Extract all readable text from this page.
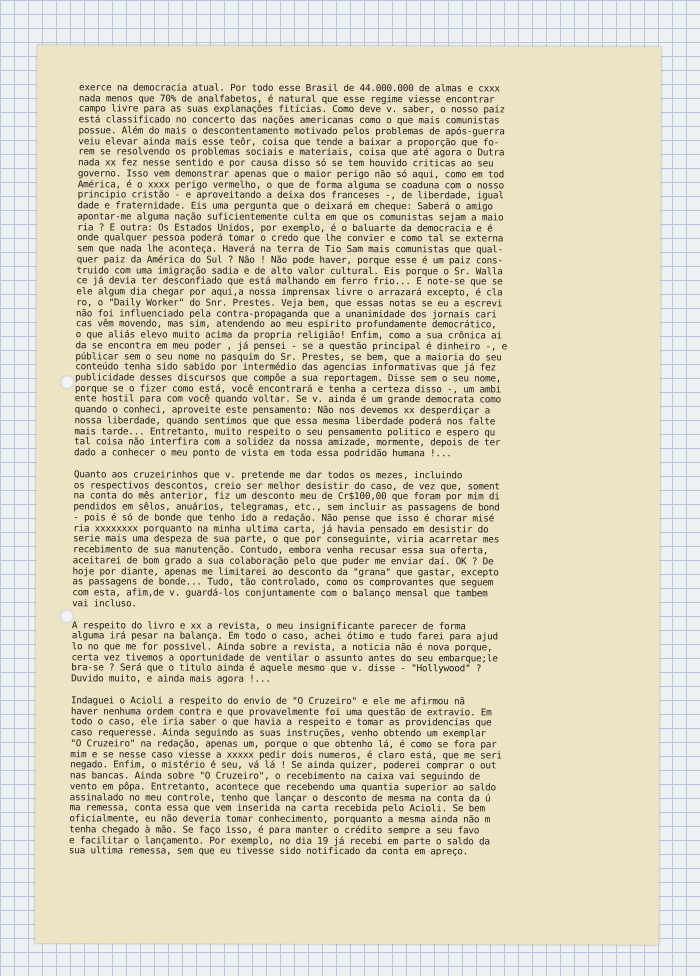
exerce na democracia atual. Por todo esse Brasil de 44.000.000 de almas e cxxx
nada menos que 70% de analfabetos, é natural que esse regime viesse encontrar
campo livre para as suas explanações fitícias. Como deve v. saber, o nosso paiz
está classificado no concerto das nações americanas como o que mais comunistas
possue. Além do mais o descontentamento motivado pelos problemas de após-guerra
veiu elevar ainda mais esse teôr, coisa que tende a baixar a proporção que fo-
rem se resolvendo os problemas sociais e materiais, coisa que até agora o Dutra
nada xx fez nesse sentido e por causa disso só se tem houvido criticas ao seu
governo. Isso vem demonstrar apenas que o maior perigo não só aqui, como em tod
América, é o xxxx perigo vermelho, o que de forma alguma se coaduna com o nosso
principio cristão - e aproveitando a deixa dos franceses -, de liberdade, igual
dade e fraternidade. Eis uma pergunta que o deixará em cheque: Saberá o amigo
apontar-me alguma nação suficientemente culta em que os comunistas sejam a maio
ria ? E outra: Os Estados Unidos, por exemplo, é o baluarte da democracia e é
onde qualquer pessoa poderá tomar o credo que lhe convier e como tal se externa
sem que nada lhe aconteça. Haverá na terra de Tio Sam mais comunistas que qual-
quer paiz da América do Sul ? Não ! Não pode haver, porque esse é um paiz cons-
truido com uma imigração sadia e de alto valor cultural. Eis porque o Sr. Walla
ce já devia ter desconfiado que está malhando em ferro frio... E note-se que se
ele algum dia chegar por aqui,a nossa imprensax livre o arrazará excepto, é cla
ro, o "Daily Worker" do Snr. Prestes. Veja bem, que essas notas se eu a escrevi
não foi influenciado pela contra-propaganda que a unanimidade dos jornais cari
cas vêm movendo, mas sim, atendendo ao meu espirito profundamente democrático,
o que aliás elevo muito acima da propria religião! Enfim, como a sua crônica ai
da se encontra em meu poder , já pensei - se a questão principal é dinheiro -, e
públicar sem o seu nome no pasquim do Sr. Prestes, se bem, que a maioria do seu
conteúdo tenha sido sabido por intermédio das agencias informativas que já fez
publicidade desses discursos que compõe a sua reportagem. Disse sem o seu nome,
porque se o fizer como está, você encontrará e tenha a certeza disso -, um ambi
ente hostil para com você quando voltar. Se v. ainda é um grande democrata como
quando o conheci, aproveite este pensamento: Não nos devemos xx desperdiçar a
nossa liberdade, quando sentimos que que essa mesma liberdade poderá nos falte
mais tarde... Entretanto, muito respeito o seu pensamento politico e espero qu
tal coisa não interfira com a solidez da nossa amizade, mormente, depois de ter
dado a conhecer o meu ponto de vista em toda essa podridão humana !...
Quanto aos cruzeirinhos que v. pretende me dar todos os mezes, incluindo
os respectivos descontos, creio ser melhor desistir do caso, de vez que, soment
na conta do mês anterior, fiz um desconto meu de Cr$100,00 que foram por mim di
pendidos em sêlos, anuários, telegramas, etc., sem incluir as passagens de bond
- pois é só de bonde que tenho ido a redação. Não pense que isso é chorar misé
ria xxxxxxxx porquanto na minha ultima carta, já havia pensado em desistir do
serie mais uma despeza de sua parte, o que por conseguinte, viria acarretar mes
recebimento de sua manutenção. Contudo, embora venha recusar essa sua oferta,
aceitarei de bom grado a sua colaboração pelo que puder me enviar daí. OK ? De
hoje por diante, apenas me limitarei ao desconto da "grana" que gastar, excepto
as passagens de bonde... Tudo, tão controlado, como os comprovantes que seguem
com esta, afim,de v. guardá-los conjuntamente com o balanço mensal que tambem
vai incluso.
A respeito do livro e xx a revista, o meu insignificante parecer de forma
alguma irá pesar na balança. Em todo o caso, achei ótimo e tudo farei para ajud
lo no que me for possivel. Ainda sobre a revista, a noticia não é nova porque,
certa vez tivemos a oportunidade de ventilar o assunto antes do seu embarque;le
bra-se ? Será que o titulo ainda é aquele mesmo que v. disse - "Hollywood" ?
Duvido muito, e ainda mais agora !...
Indaguei o Acioli a respeito do envio de "O Cruzeiro" e ele me afirmou nã
haver nenhuma ordem contra e que provavelmente foi uma questão de extravio. Em
todo o caso, ele iria saber o que havia a respeito e tomar as providencias que
caso requeresse. Ainda seguindo as suas instruções, venho obtendo um exemplar
"O Cruzeiro" na redação, apenas um, porque o que obtenho lá, é como se fora par
mim e se nesse caso viesse a xxxxx pedir dois numeros, é claro está, que me seri
negado. Enfim, o mistério é seu, vá lá ! Se ainda quizer, poderei comprar o out
nas bancas. Ainda sobre "O Cruzeiro", o recebimento na caixa vai seguindo de
vento em pôpa. Entretanto, acontece que recebendo uma quantia superior ao saldo
assinalado no meu controle, tenho que lançar o desconto de mesma na conta da ú
ma remessa, conta essa que vem inserida na carta recebida pelo Acioli. Se bem
oficialmente, eu não deveria tomar conhecimento, porquanto a mesma ainda não m
tenha chegado à mão. Se faço isso, é para manter o crédito sempre a seu favo
e facilitar o lançamento. Por exemplo, no dia 19 já recebi em parte o saldo da
sua ultima remessa, sem que eu tivesse sido notificado da conta em apreço.
